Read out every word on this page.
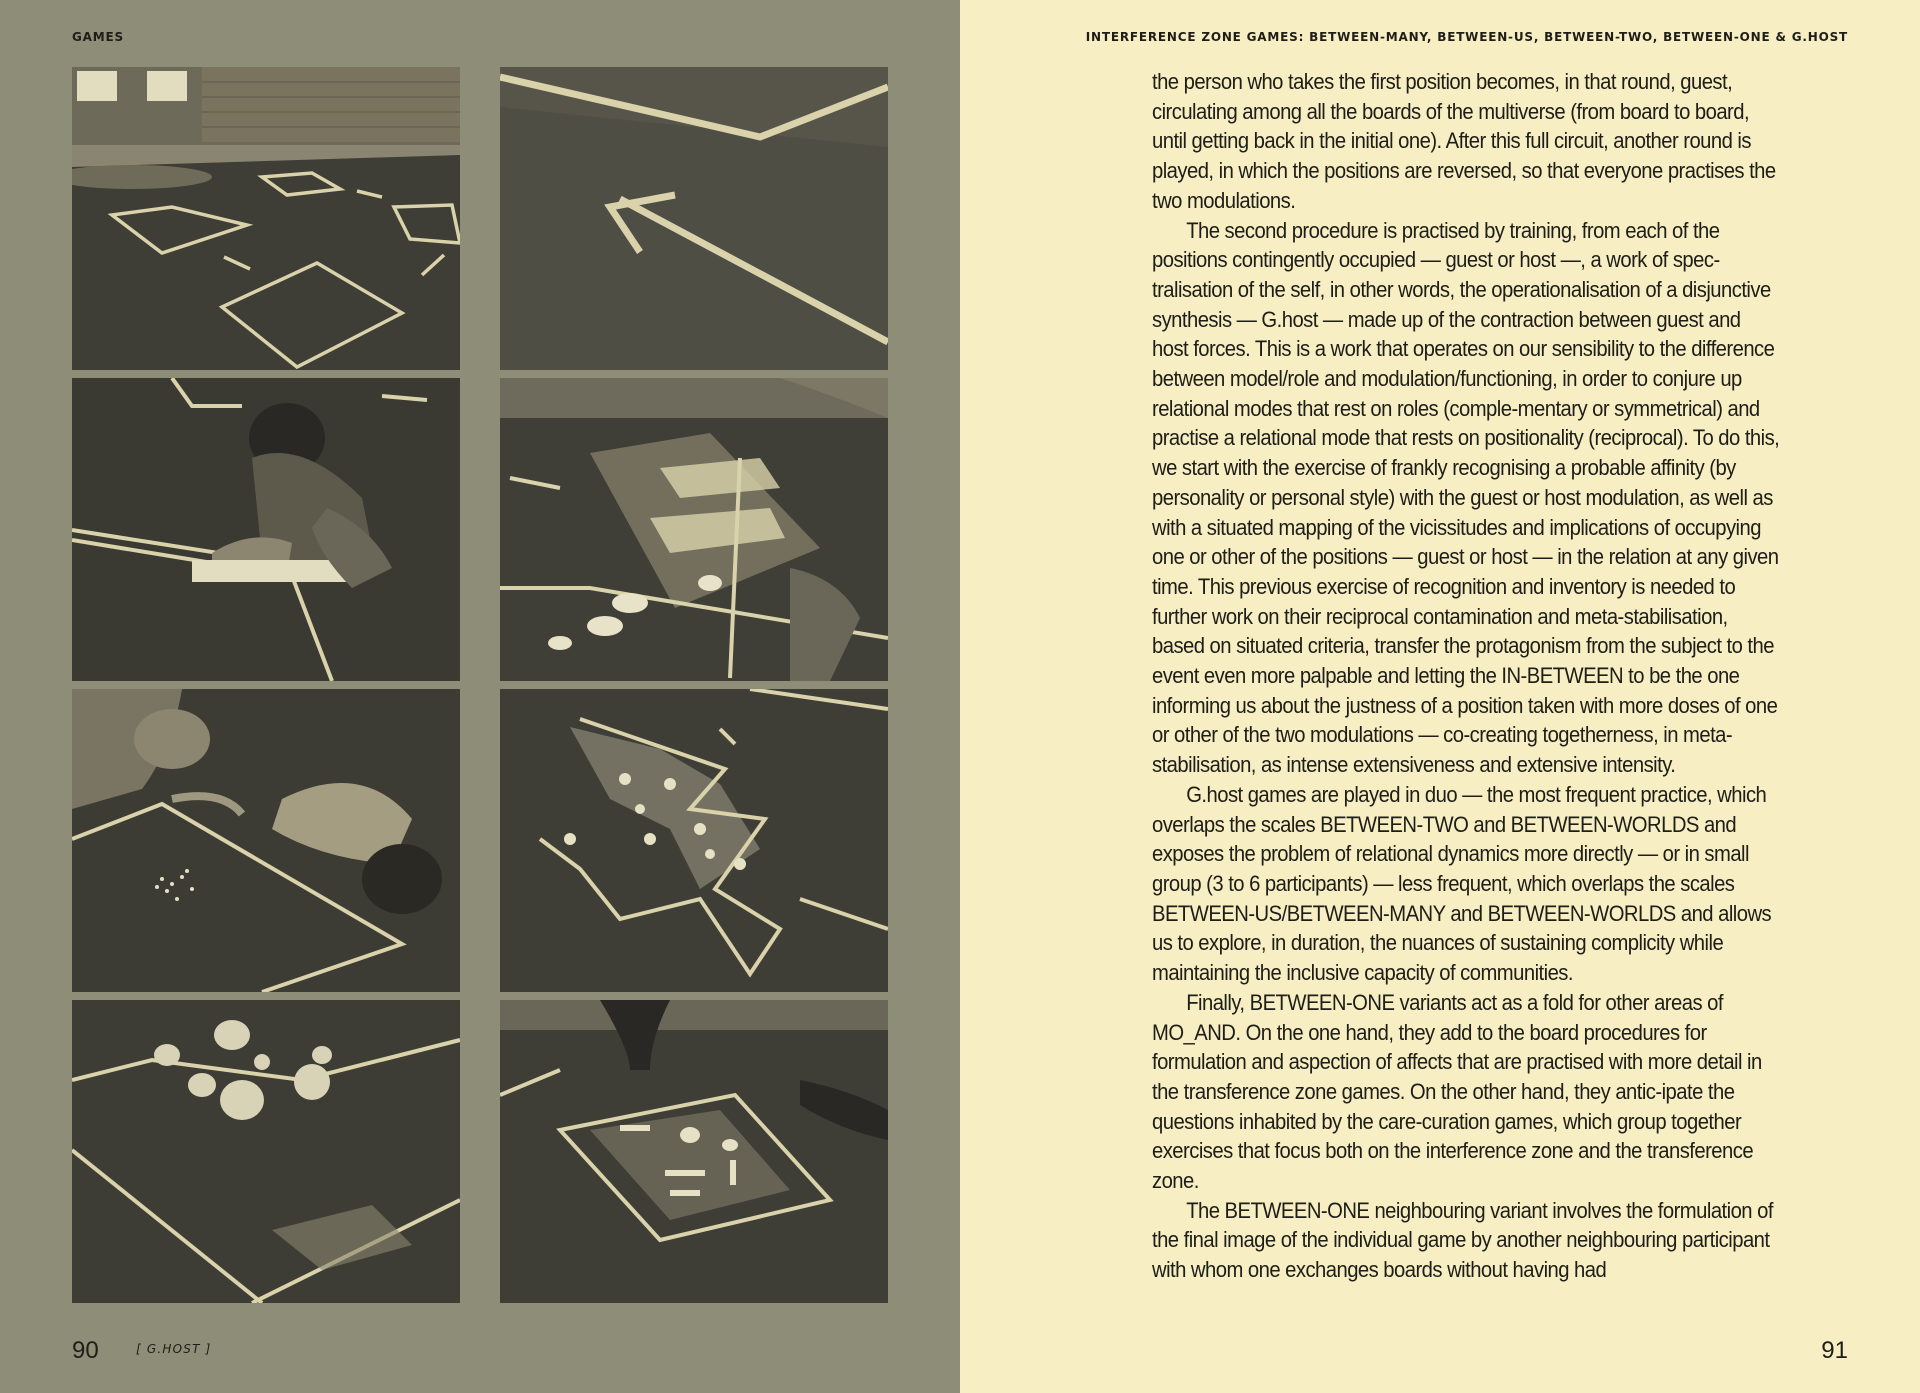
GAMES
90	[ G.HOST ]
INTERFERENCE ZONE GAMES: BETWEEN-MANY, BETWEEN-US, BETWEEN-TWO, BETWEEN-ONE & G.HOST
91

the person who takes the first position becomes, in that round, guest, circulating among all the boards of the multiverse (from board to board, until getting back in the initial one). After this full circuit, another round is played, in which the positions are reversed, so that everyone practises the two modulations.

The second procedure is practised by training, from each of the positions contingently occupied — guest or host —, a work of spec-tralisation of the self, in other words, the operationalisation of a disjunctive synthesis — G.host — made up of the contraction between guest and host forces. This is a work that operates on our sensibility to the difference between model/role and modulation/functioning, in order to conjure up relational modes that rest on roles (comple-mentary or symmetrical) and practise a relational mode that rests on positionality (reciprocal). To do this, we start with the exercise of frankly recognising a probable affinity (by personality or personal style) with the guest or host modulation, as well as with a situated mapping of the vicissitudes and implications of occupying one or other of the positions — guest or host — in the relation at any given time. This previous exercise of recognition and inventory is needed to further work on their reciprocal contamination and meta-stabilisation, based on situated criteria, transfer the protagonism from the subject to the event even more palpable and letting the IN-BETWEEN to be the one informing us about the justness of a position taken with more doses of one or other of the two modulations — co-creating togetherness, in meta-stabilisation, as intense extensiveness and extensive intensity.

G.host games are played in duo — the most frequent practice, which overlaps the scales BETWEEN-TWO and BETWEEN-WORLDS and exposes the problem of relational dynamics more directly — or in small group (3 to 6 participants) — less frequent, which overlaps the scales BETWEEN-US/BETWEEN-MANY and BETWEEN-WORLDS and allows us to explore, in duration, the nuances of sustaining complicity while maintaining the inclusive capacity of communities.

Finally, BETWEEN-ONE variants act as a fold for other areas of MO_AND. On the one hand, they add to the board procedures for formulation and aspection of affects that are practised with more detail in the transference zone games. On the other hand, they antic-ipate the questions inhabited by the care-curation games, which group together exercises that focus both on the interference zone and the transference zone.

The BETWEEN-ONE neighbouring variant involves the formulation of the final image of the individual game by another neighbouring participant with whom one exchanges boards without having had
